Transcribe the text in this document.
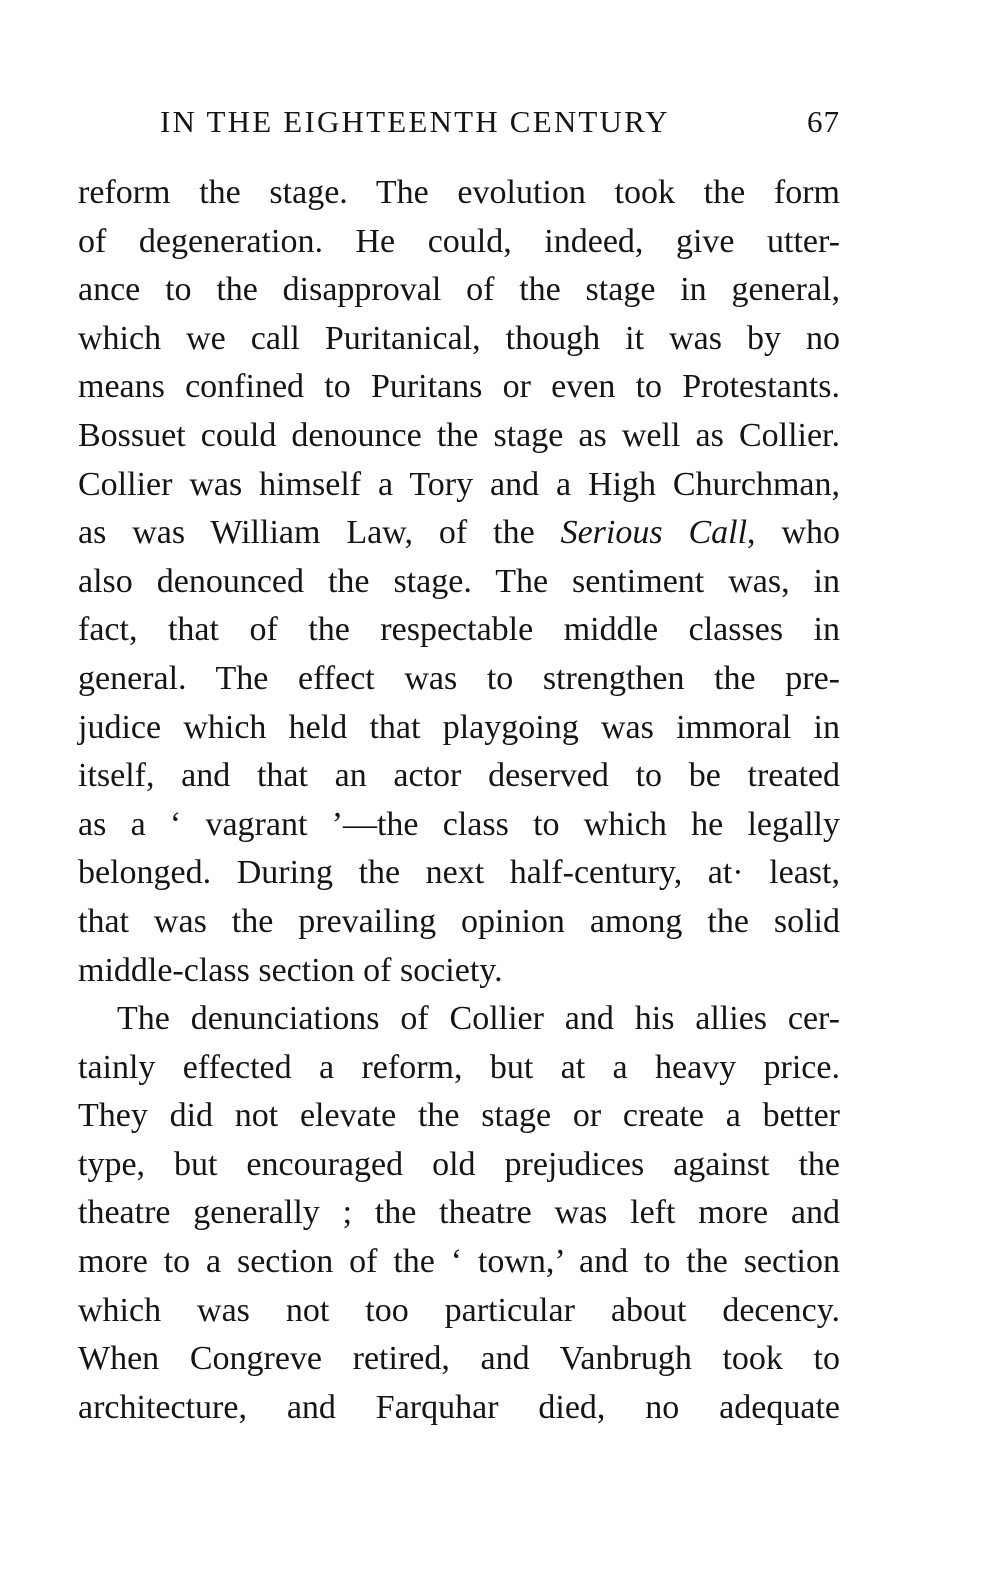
IN THE EIGHTEENTH CENTURY	67

reform the stage. The evolution took the form
of degeneration. He could, indeed, give utter-
ance to the disapproval of the stage in general,
which we call Puritanical, though it was by no
means confined to Puritans or even to Protestants.
Bossuet could denounce the stage as well as Collier.
Collier was himself a Tory and a High Churchman,
as was William Law, of the Serious Call, who
also denounced the stage. The sentiment was, in
fact, that of the respectable middle classes in
general. The effect was to strengthen the pre-
judice which held that playgoing was immoral in
itself, and that an actor deserved to be treated
as a ‘ vagrant ’—the class to which he legally
belonged. During the next half-century, at· least,
that was the prevailing opinion among the solid
middle-class section of society.

The denunciations of Collier and his allies cer-
tainly effected a reform, but at a heavy price.
They did not elevate the stage or create a better
type, but encouraged old prejudices against the
theatre generally ; the theatre was left more and
more to a section of the ‘ town,’ and to the section
which was not too particular about decency.
When Congreve retired, and Vanbrugh took to
architecture, and Farquhar died, no adequate
